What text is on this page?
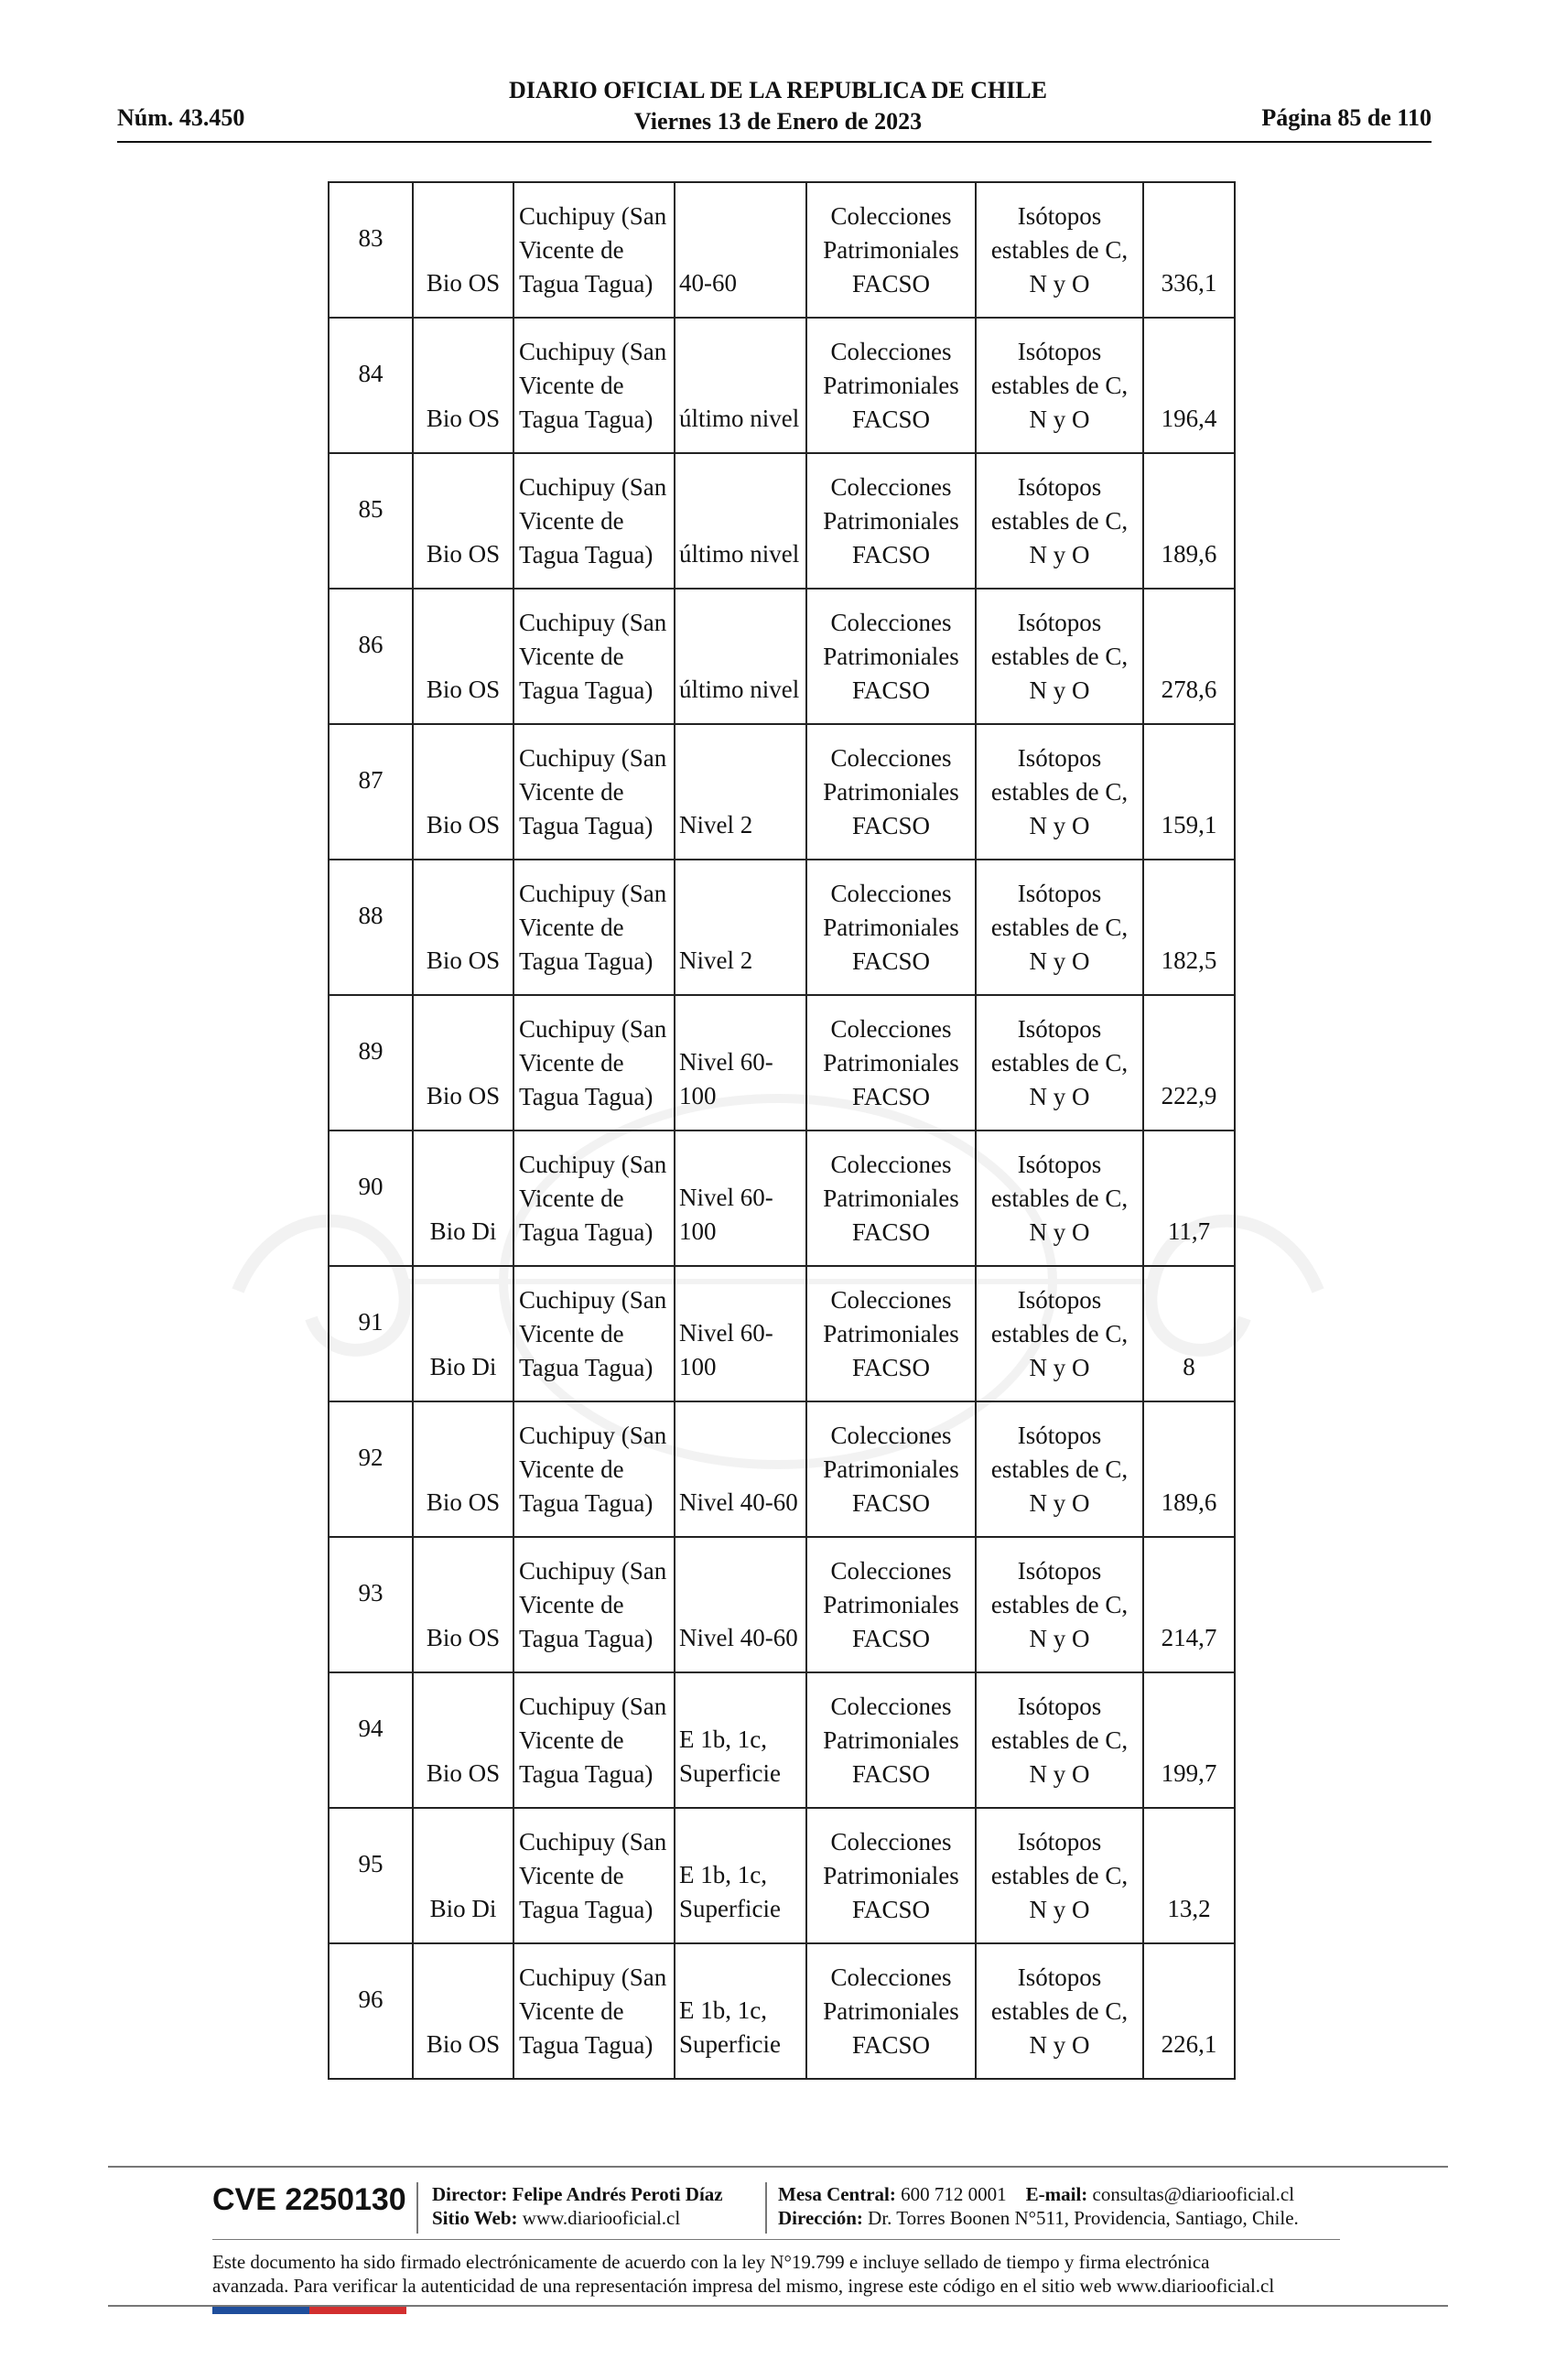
Núm. 43.450
DIARIO OFICIAL DE LA REPUBLICA DE CHILE
Viernes 13 de Enero de 2023	Página 85 de 110
83	Bio OS	Cuchipuy (San
Vicente de
Tagua Tagua)	40-60	Colecciones
Patrimoniales
FACSO	Isótopos
estables de C,
N y O	336,1
84	Bio OS	Cuchipuy (San
Vicente de
Tagua Tagua)	último nivel	Colecciones
Patrimoniales
FACSO	Isótopos
estables de C,
N y O	196,4
85	Bio OS	Cuchipuy (San
Vicente de
Tagua Tagua)	último nivel	Colecciones
Patrimoniales
FACSO	Isótopos
estables de C,
N y O	189,6
86	Bio OS	Cuchipuy (San
Vicente de
Tagua Tagua)	último nivel	Colecciones
Patrimoniales
FACSO	Isótopos
estables de C,
N y O	278,6
87	Bio OS	Cuchipuy (San
Vicente de
Tagua Tagua)	Nivel 2	Colecciones
Patrimoniales
FACSO	Isótopos
estables de C,
N y O	159,1
88	Bio OS	Cuchipuy (San
Vicente de
Tagua Tagua)	Nivel 2	Colecciones
Patrimoniales
FACSO	Isótopos
estables de C,
N y O	182,5
89	Bio OS	Cuchipuy (San
Vicente de
Tagua Tagua)	Nivel 60-
100	Colecciones
Patrimoniales
FACSO	Isótopos
estables de C,
N y O	222,9
90	Bio Di	Cuchipuy (San
Vicente de
Tagua Tagua)	Nivel 60-
100	Colecciones
Patrimoniales
FACSO	Isótopos
estables de C,
N y O	11,7
91	Bio Di	Cuchipuy (San
Vicente de
Tagua Tagua)	Nivel 60-
100	Colecciones
Patrimoniales
FACSO	Isótopos
estables de C,
N y O	8
92	Bio OS	Cuchipuy (San
Vicente de
Tagua Tagua)	Nivel 40-60	Colecciones
Patrimoniales
FACSO	Isótopos
estables de C,
N y O	189,6
93	Bio OS	Cuchipuy (San
Vicente de
Tagua Tagua)	Nivel 40-60	Colecciones
Patrimoniales
FACSO	Isótopos
estables de C,
N y O	214,7
94	Bio OS	Cuchipuy (San
Vicente de
Tagua Tagua)	E 1b, 1c,
Superficie	Colecciones
Patrimoniales
FACSO	Isótopos
estables de C,
N y O	199,7
95	Bio Di	Cuchipuy (San
Vicente de
Tagua Tagua)	E 1b, 1c,
Superficie	Colecciones
Patrimoniales
FACSO	Isótopos
estables de C,
N y O	13,2
96	Bio OS	Cuchipuy (San
Vicente de
Tagua Tagua)	E 1b, 1c,
Superficie	Colecciones
Patrimoniales
FACSO	Isótopos
estables de C,
N y O	226,1
CVE 2250130 Director: Felipe Andrés Peroti Díaz
Sitio Web: www.diariooficial.cl
Mesa Central: 600 712 0001 E-mail: consultas@diariooficial.cl
Dirección: Dr. Torres Boonen N°511, Providencia, Santiago, Chile.
Este documento ha sido firmado electrónicamente de acuerdo con la ley N°19.799 e incluye sellado de tiempo y firma electrónica
avanzada. Para verificar la autenticidad de una representación impresa del mismo, ingrese este código en el sitio web www.diariooficial.cl
